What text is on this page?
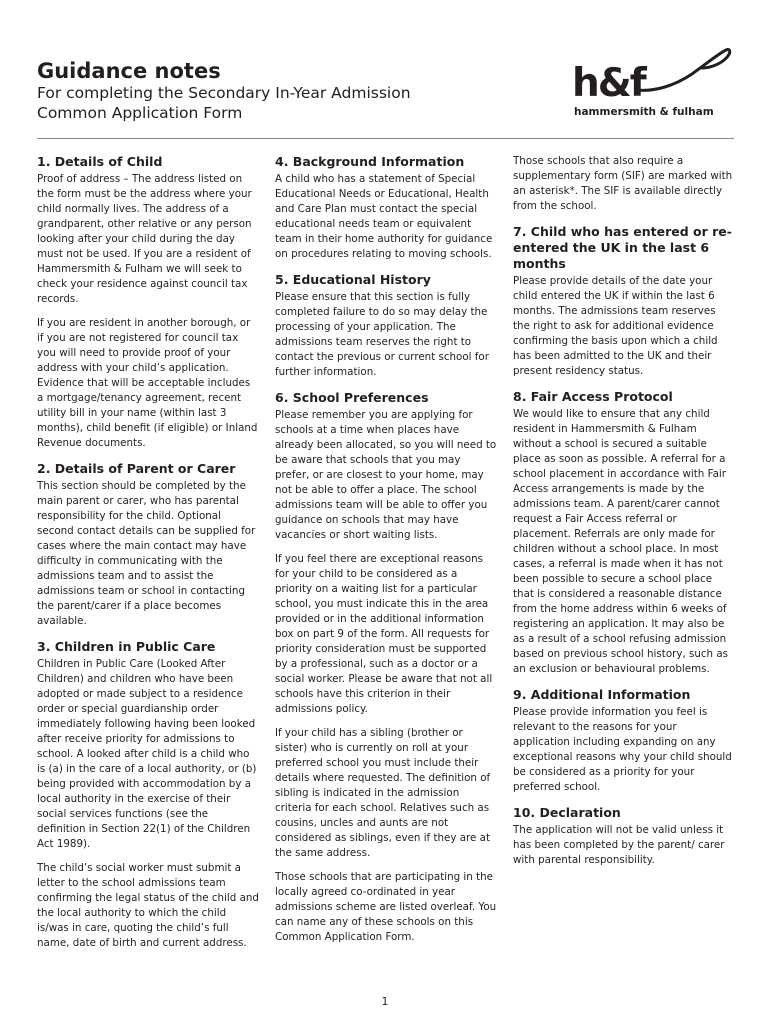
Guidance notes
For completing the Secondary In-Year Admission Common Application Form
h&f
hammersmith & fulham
1. Details of Child

Proof of address – The address listed on the form must be the address where your child normally lives. The address of a grandparent, other relative or any person looking after your child during the day must not be used. If you are a resident of Hammersmith & Fulham we will seek to check your residence against council tax records.

If you are resident in another borough, or if you are not registered for council tax you will need to provide proof of your address with your child’s application. Evidence that will be acceptable includes a mortgage/tenancy agreement, recent utility bill in your name (within last 3 months), child benefit (if eligible) or Inland Revenue documents.

2. Details of Parent or Carer

This section should be completed by the main parent or carer, who has parental responsibility for the child. Optional second contact details can be supplied for cases where the main contact may have difficulty in communicating with the admissions team and to assist the admissions team or school in contacting the parent/carer if a place becomes available.

3. Children in Public Care

Children in Public Care (Looked After Children) and children who have been adopted or made subject to a residence order or special guardianship order immediately following having been looked after receive priority for admissions to school. A looked after child is a child who is (a) in the care of a local authority, or (b) being provided with accommodation by a local authority in the exercise of their social services functions (see the definition in Section 22(1) of the Children Act 1989).

The child’s social worker must submit a letter to the school admissions team confirming the legal status of the child and the local authority to which the child is/was in care, quoting the child’s full name, date of birth and current address.

4. Background Information

A child who has a statement of Special Educational Needs or Educational, Health and Care Plan must contact the special educational needs team or equivalent team in their home authority for guidance on procedures relating to moving schools.

5. Educational History

Please ensure that this section is fully completed failure to do so may delay the processing of your application. The admissions team reserves the right to contact the previous or current school for further information.

6. School Preferences

Please remember you are applying for schools at a time when places have already been allocated, so you will need to be aware that schools that you may prefer, or are closest to your home, may not be able to offer a place. The school admissions team will be able to offer you guidance on schools that may have vacancies or short waiting lists.

If you feel there are exceptional reasons for your child to be considered as a priority on a waiting list for a particular school, you must indicate this in the area provided or in the additional information box on part 9 of the form. All requests for priority consideration must be supported by a professional, such as a doctor or a social worker. Please be aware that not all schools have this criterion in their admissions policy.

If your child has a sibling (brother or sister) who is currently on roll at your preferred school you must include their details where requested. The definition of sibling is indicated in the admission criteria for each school. Relatives such as cousins, uncles and aunts are not considered as siblings, even if they are at the same address.

Those schools that are participating in the locally agreed co-ordinated in year admissions scheme are listed overleaf. You can name any of these schools on this Common Application Form.

Those schools that also require a supplementary form (SIF) are marked with an asterisk*. The SIF is available directly from the school.

7. Child who has entered or re-entered the UK in the last 6 months

Please provide details of the date your child entered the UK if within the last 6 months. The admissions team reserves the right to ask for additional evidence confirming the basis upon which a child has been admitted to the UK and their present residency status.

8. Fair Access Protocol

We would like to ensure that any child resident in Hammersmith & Fulham without a school is secured a suitable place as soon as possible. A referral for a school placement in accordance with Fair Access arrangements is made by the admissions team. A parent/carer cannot request a Fair Access referral or placement. Referrals are only made for children without a school place. In most cases, a referral is made when it has not been possible to secure a school place that is considered a reasonable distance from the home address within 6 weeks of registering an application. It may also be as a result of a school refusing admission based on previous school history, such as an exclusion or behavioural problems.

9. Additional Information

Please provide information you feel is relevant to the reasons for your application including expanding on any exceptional reasons why your child should be considered as a priority for your preferred school.

10. Declaration

The application will not be valid unless it has been completed by the parent/ carer with parental responsibility.

1
